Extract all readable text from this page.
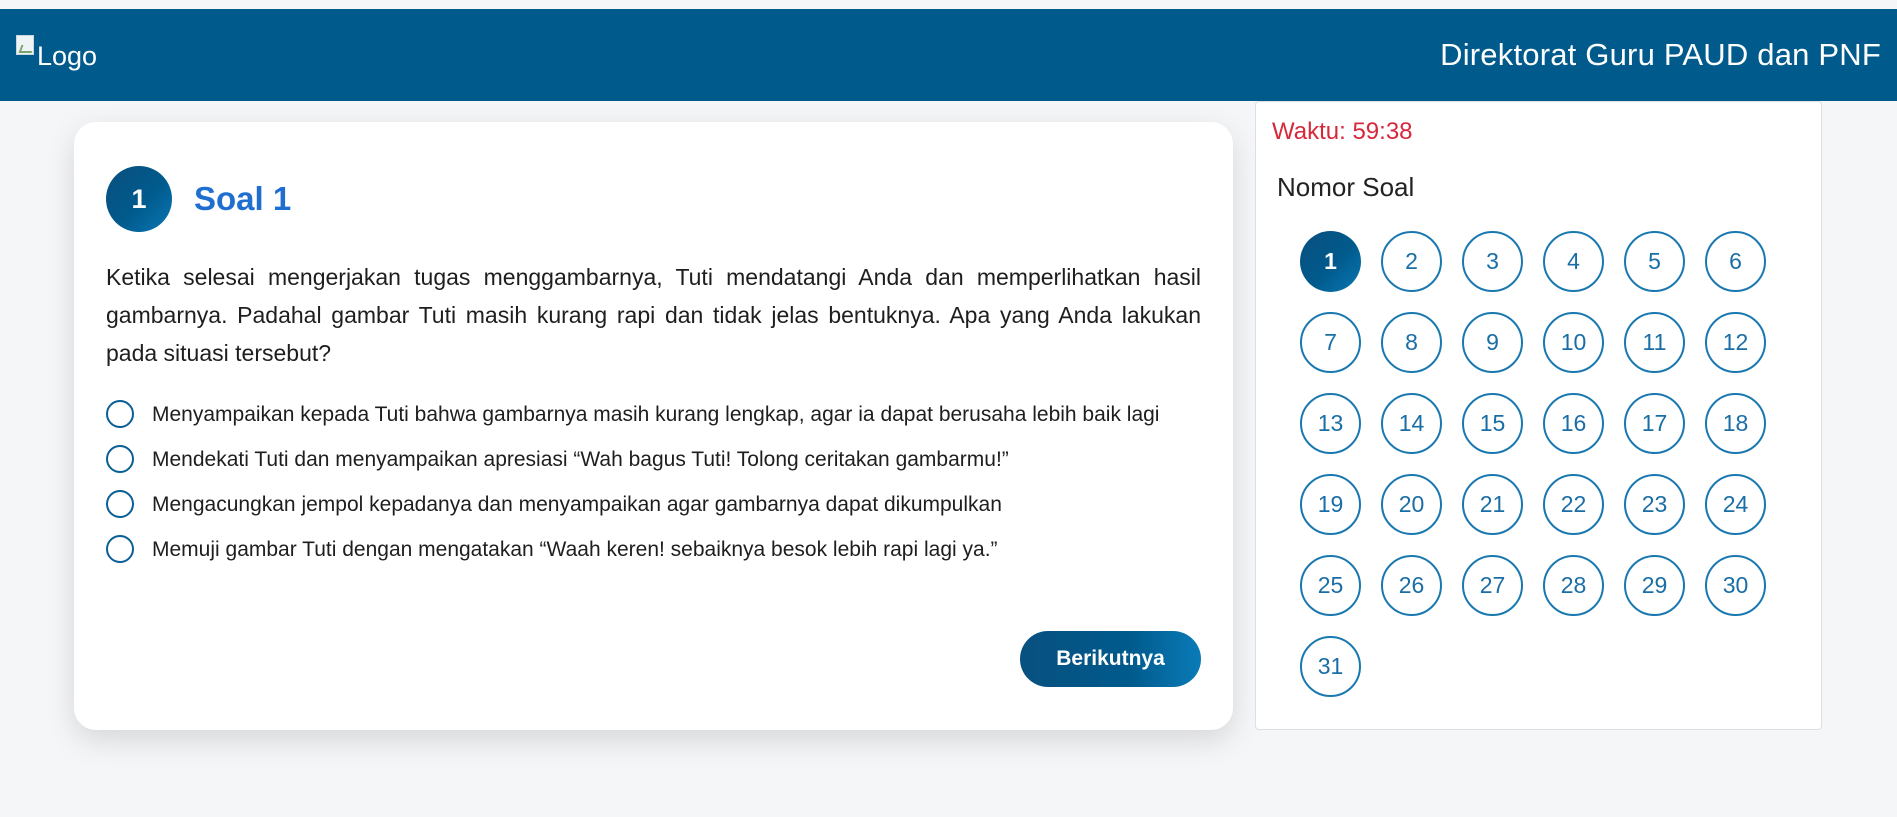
Logo	Direktorat Guru PAUD dan PNF
1	Soal 1

Ketika selesai mengerjakan tugas menggambarnya, Tuti mendatangi Anda dan memperlihatkan hasil gambarnya. Padahal gambar Tuti masih kurang rapi dan tidak jelas bentuknya. Apa yang Anda lakukan pada situasi tersebut?

Menyampaikan kepada Tuti bahwa gambarnya masih kurang lengkap, agar ia dapat berusaha lebih baik lagi
Mendekati Tuti dan menyampaikan apresiasi “Wah bagus Tuti! Tolong ceritakan gambarmu!”
Mengacungkan jempol kepadanya dan menyampaikan agar gambarnya dapat dikumpulkan
Memuji gambar Tuti dengan mengatakan “Waah keren! sebaiknya besok lebih rapi lagi ya.”
Berikutnya
Waktu: 59:38
Nomor Soal
1	2	3	4	5	6
7	8	9	10	11	12
13	14	15	16	17	18
19	20	21	22	23	24
25	26	27	28	29	30
31
